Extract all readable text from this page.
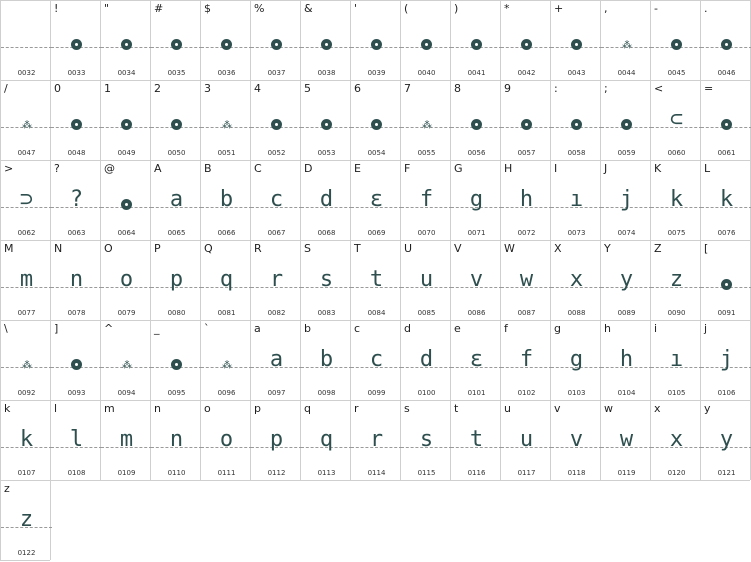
0032
!
0033
"
0034
#
0035
$
0036
%
0037
&
0038
'
0039
(
0040
)
0041
*
0042
+
0043
,
⁂
0044
-
0045
.
0046
/
⁂
0047
0
0048
1
0049
2
0050
3
⁂
0051
4
0052
5
0053
6
0054
7
⁂
0055
8
0056
9
0057
:
0058
;
0059
<
⊂
0060
=
0061
>
⊃
0062
?
?
0063
@
0064
A
a
0065
B
b
0066
C
c
0067
D
d
0068
E
ɛ
0069
F
f
0070
G
g
0071
H
h
0072
I
ı
0073
J
j
0074
K
k
0075
L
k
0076
M
m
0077
N
n
0078
O
o
0079
P
p
0080
Q
q
0081
R
r
0082
S
s
0083
T
t
0084
U
u
0085
V
v
0086
W
w
0087
X
x
0088
Y
y
0089
Z
z
0090
[
0091
\
⁂
0092
]
0093
^
⁂
0094
_
0095
`
⁂
0096
a
a
0097
b
b
0098
c
c
0099
d
d
0100
e
ɛ
0101
f
f
0102
g
g
0103
h
h
0104
i
ı
0105
j
j
0106
k
k
0107
l
l
0108
m
m
0109
n
n
0110
o
o
0111
p
p
0112
q
q
0113
r
r
0114
s
s
0115
t
t
0116
u
u
0117
v
v
0118
w
w
0119
x
x
0120
y
y
0121
z
z
0122
